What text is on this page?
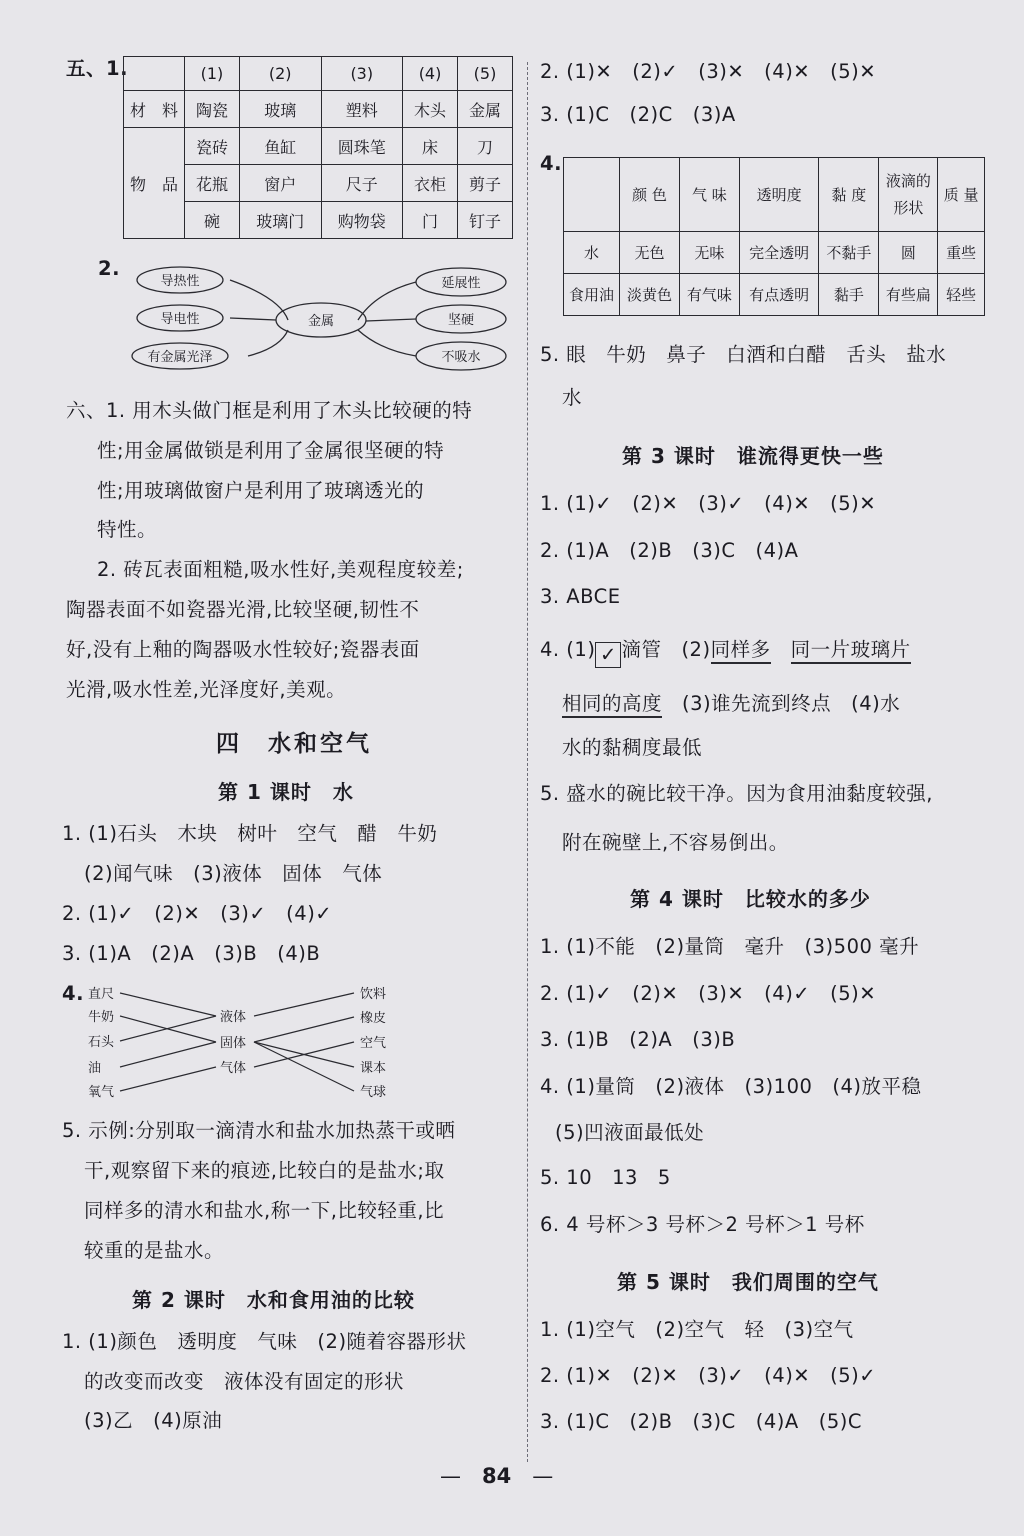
五、1.
		(1)	(2)	(3)	(4)	(5)
材　料	陶瓷	玻璃	塑料	木头	金属
物　品	瓷砖	鱼缸	圆珠笔	床	刀
	花瓶	窗户	尺子	衣柜	剪子
	碗	玻璃门	购物袋	门	钉子
2.
导热性
导电性
有金属光泽
金属
延展性
坚硬
不吸水
六、1. 用木头做门框是利用了木头比较硬的特
性;用金属做锁是利用了金属很坚硬的特
性;用玻璃做窗户是利用了玻璃透光的
特性。
2. 砖瓦表面粗糙,吸水性好,美观程度较差;
陶器表面不如瓷器光滑,比较坚硬,韧性不
好,没有上釉的陶器吸水性较好;瓷器表面
光滑,吸水性差,光泽度好,美观。
四　水和空气
第 1 课时　水
1. (1)石头　木块　树叶　空气　醋　牛奶
(2)闻气味　(3)液体　固体　气体
2. (1)✓　(2)✕　(3)✓　(4)✓
3. (1)A　(2)A　(3)B　(4)B
4. 直尺
牛奶
石头
油
氧气
液体
固体
气体
饮料
橡皮
空气
课本
气球
5. 示例:分别取一滴清水和盐水加热蒸干或晒
干,观察留下来的痕迹,比较白的是盐水;取
同样多的清水和盐水,称一下,比较轻重,比
较重的是盐水。
第 2 课时　水和食用油的比较
1. (1)颜色　透明度　气味　(2)随着容器形状
的改变而改变　液体没有固定的形状
(3)乙　(4)原油
2. (1)✕　(2)✓　(3)✕　(4)✕　(5)✕
3. (1)C　(2)C　(3)A
4.
	颜 色	气 味	透明度	黏 度	液滴的形状	质 量
水	无色	无味	完全透明	不黏手	圆	重些
食用油	淡黄色	有气味	有点透明	黏手	有些扁	轻些
5. 眼　牛奶　鼻子　白酒和白醋　舌头　盐水
水
第 3 课时　谁流得更快一些
1. (1)✓　(2)✕　(3)✓　(4)✕　(5)✕
2. (1)A　(2)B　(3)C　(4)A
3. ABCE
4. (1) ✓ 滴管　(2)同样多　 同一片玻璃片
相同的高度　 (3)谁先流到终点　(4)水
水的黏稠度最低
5. 盛水的碗比较干净。因为食用油黏度较强,
附在碗壁上,不容易倒出。
第 4 课时　比较水的多少
1. (1)不能　(2)量筒　毫升　(3)500 毫升
2. (1)✓　(2)✕　(3)✕　(4)✓　(5)✕
3. (1)B　(2)A　(3)B
4. (1)量筒　(2)液体　(3)100　(4)放平稳
(5)凹液面最低处
5. 10　13　5
6. 4 号杯＞3 号杯＞2 号杯＞1 号杯
第 5 课时　我们周围的空气
1. (1)空气　(2)空气　轻　(3)空气
2. (1)✕　(2)✕　(3)✓　(4)✕　(5)✓
3. (1)C　(2)B　(3)C　(4)A　(5)C
—　84　—
